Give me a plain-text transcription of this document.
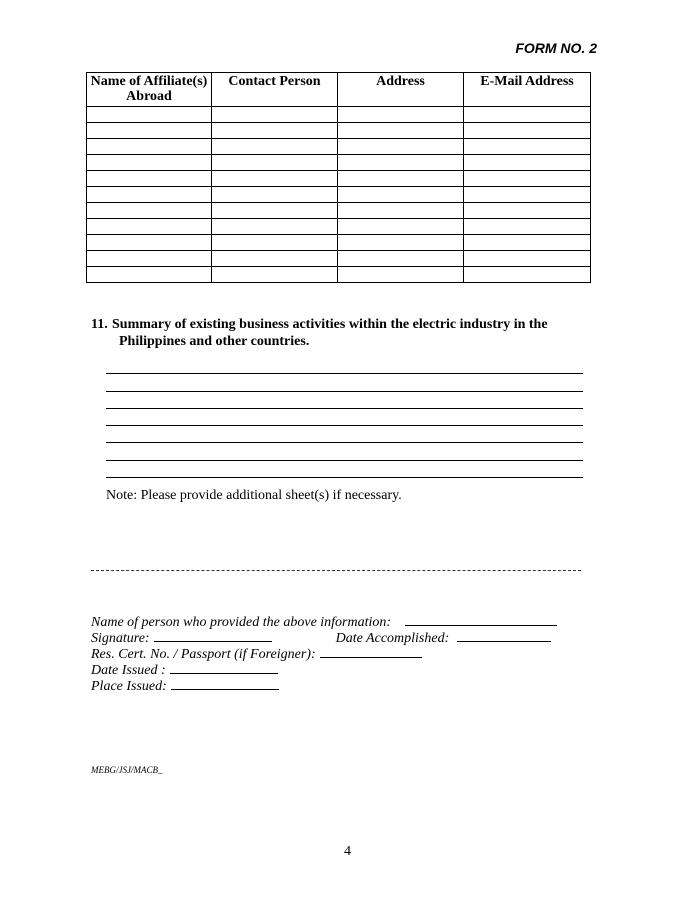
FORM NO. 2
Name of Affiliate(s) Abroad	Contact Person	Address	E-Mail Address

11. Summary of existing business activities within the electric industry in the
Philippines and other countries.
Note: Please provide additional sheet(s) if necessary.
Name of person who provided the above information:
Signature:	Date Accomplished:
Res. Cert. No. / Passport (if Foreigner):
Date Issued :
Place Issued:
MEBG/JSJ/MACB_
4
